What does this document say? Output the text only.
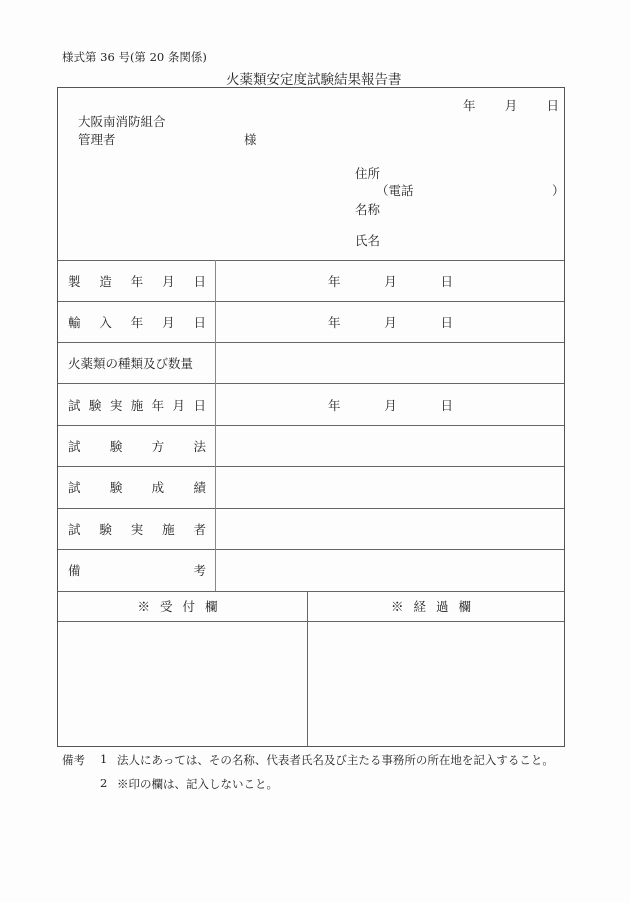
様式第 36 号(第 20 条関係)
火薬類安定度試験結果報告書
年 月 日
大阪南消防組合
管理者	様
住所
（電話	）
名称
氏名
製 造 年 月 日	年	月	日
輸 入 年 月 日	年	月	日
火薬類の種類及び数量
試 験 実 施 年 月 日	年	月	日
試 験 方 法
試 験 成 績
試 験 実 施 者
備	考
※受付欄	※経過欄
備考 1 法人にあっては、その名称、代表者氏名及び主たる事務所の所在地を記入すること。
2 ※印の欄は、記入しないこと。
